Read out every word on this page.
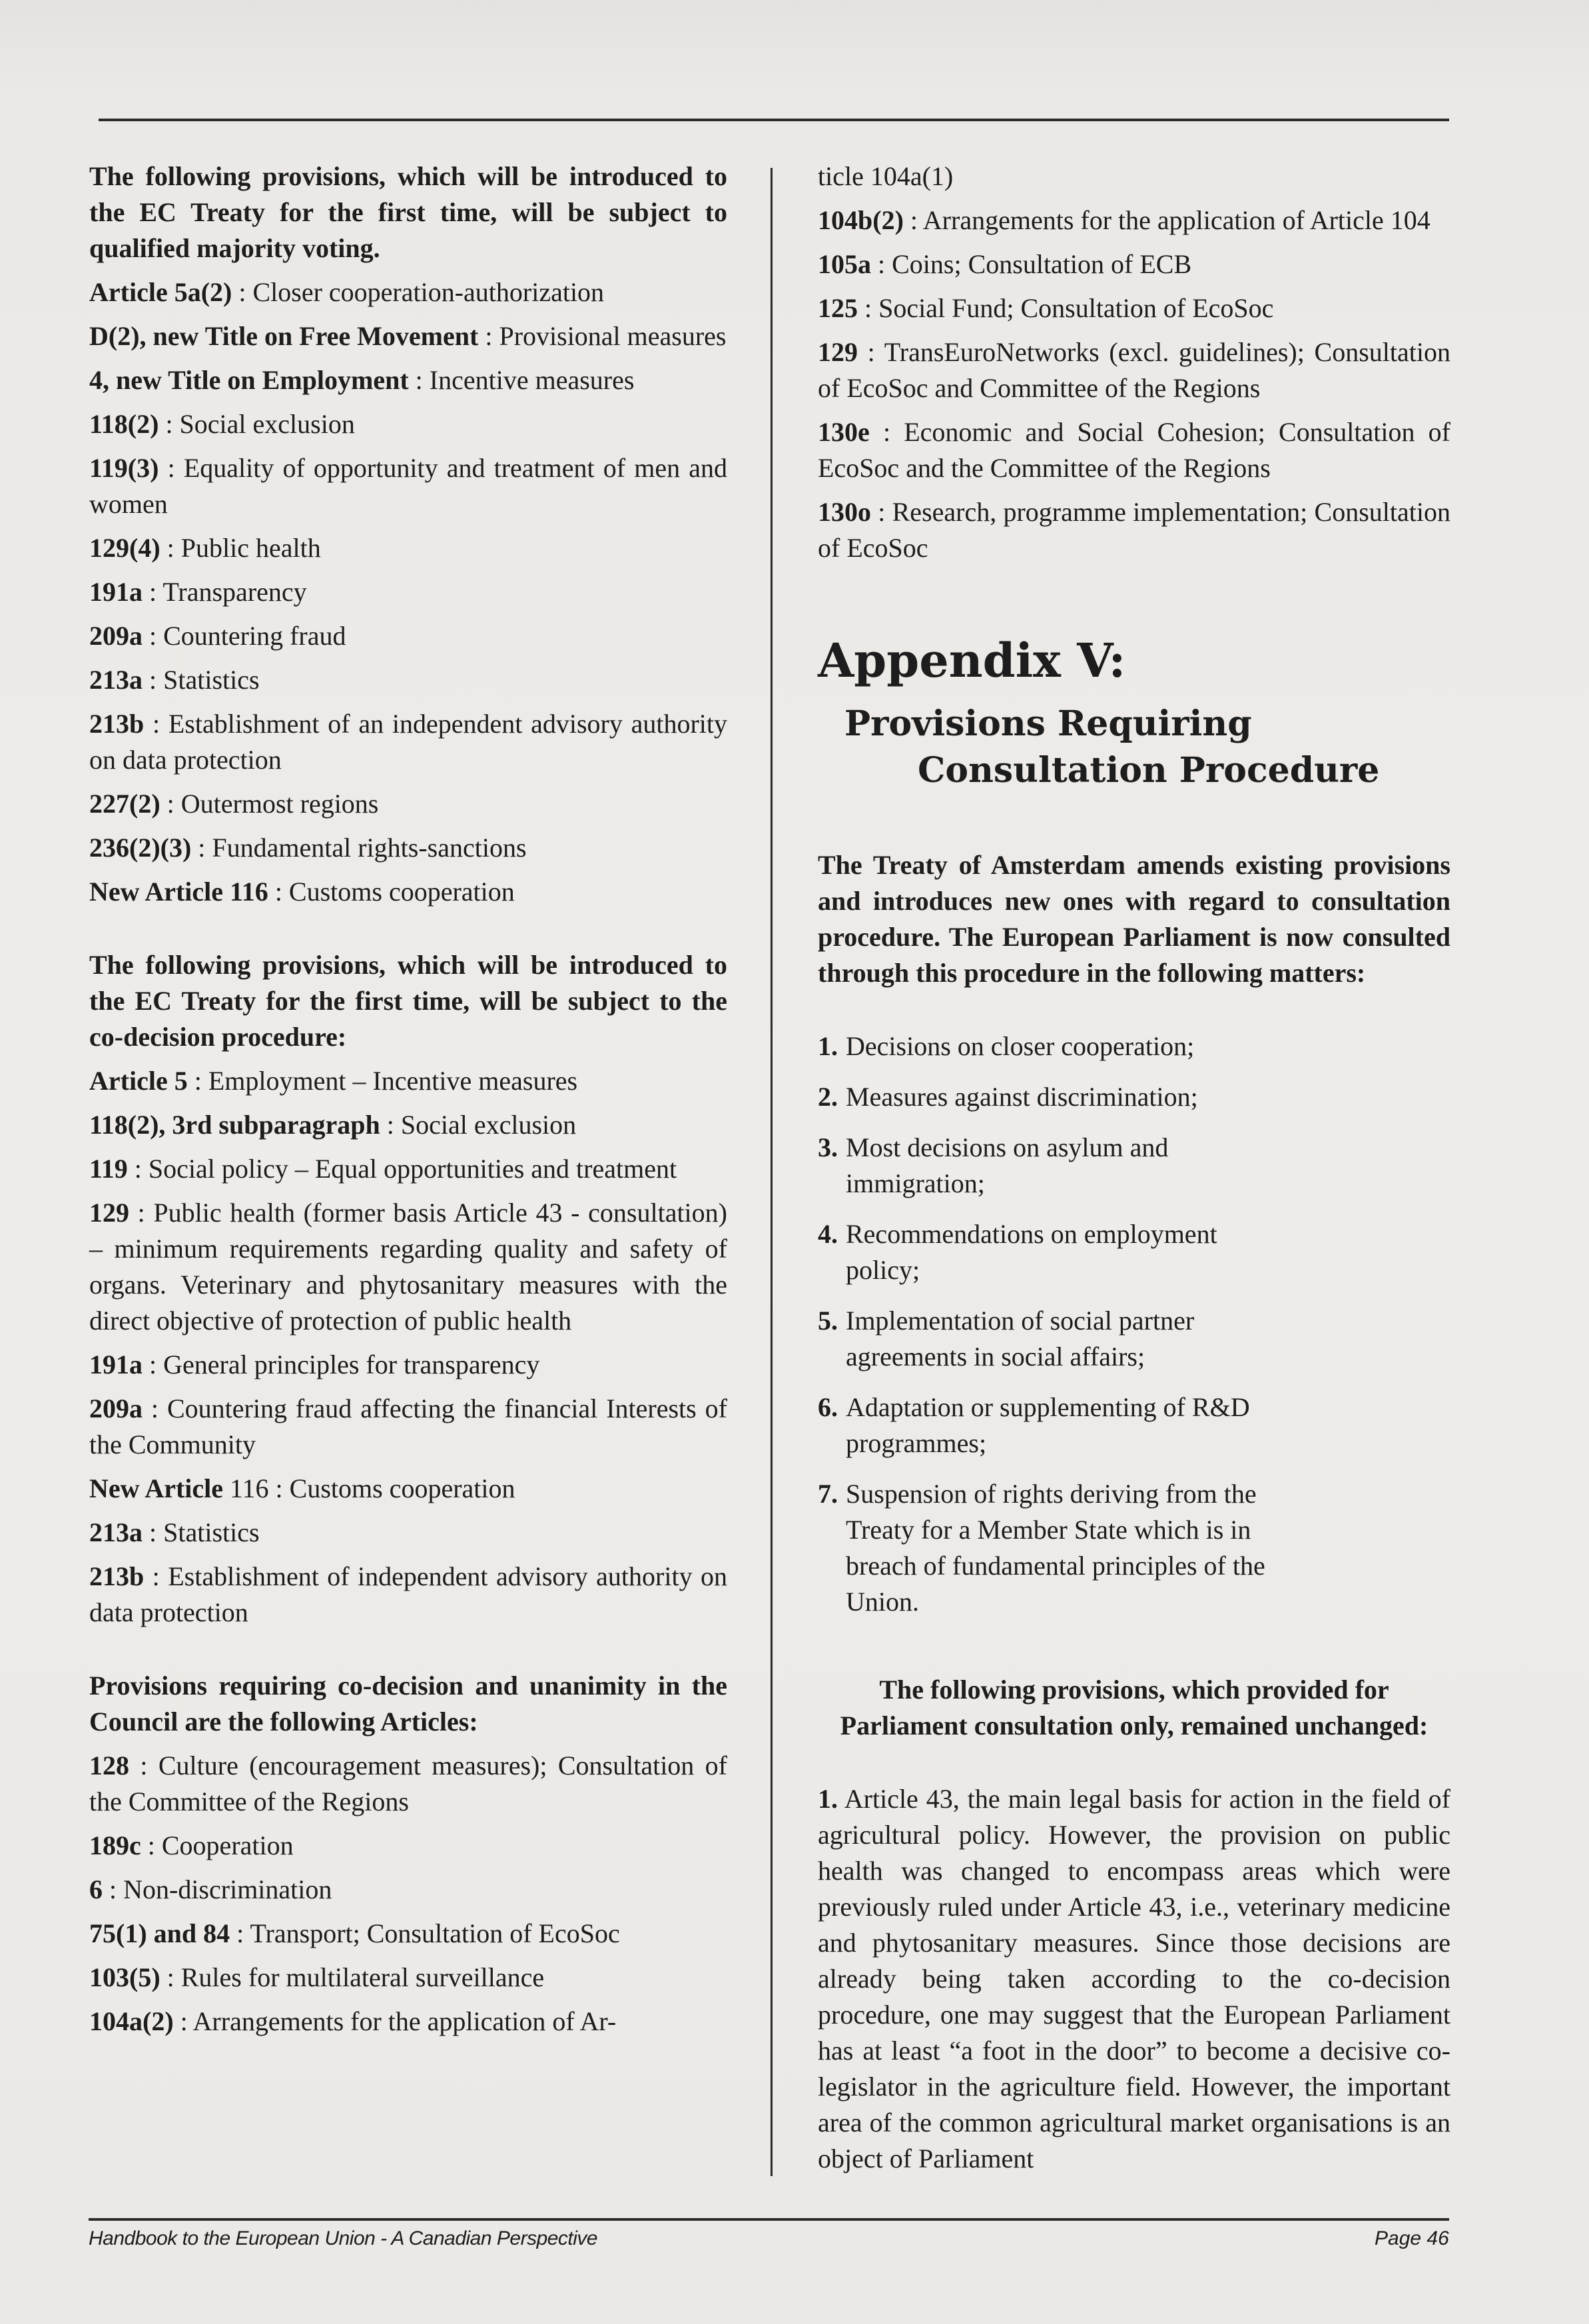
The following provisions, which will be introduced to the EC Treaty for the first time, will be subject to qualified majority voting.

Article 5a(2) : Closer cooperation-authorization

D(2), new Title on Free Movement : Provisional measures

4, new Title on Employment : Incentive measures

118(2) : Social exclusion

119(3) : Equality of opportunity and treatment of men and women

129(4) : Public health

191a : Transparency

209a : Countering fraud

213a : Statistics

213b : Establishment of an independent advisory authority on data protection

227(2) : Outermost regions

236(2)(3) : Fundamental rights-sanctions

New Article 116 : Customs cooperation

The following provisions, which will be introduced to the EC Treaty for the first time, will be subject to the co-decision procedure:

Article 5 : Employment – Incentive measures

118(2), 3rd subparagraph : Social exclusion

119 : Social policy – Equal opportunities and treatment

129 : Public health (former basis Article 43 - consultation) – minimum requirements regarding quality and safety of organs. Veterinary and phytosanitary measures with the direct objective of protection of public health

191a : General principles for transparency

209a : Countering fraud affecting the financial Interests of the Community

New Article 116 : Customs cooperation

213a : Statistics

213b : Establishment of independent advisory authority on data protection

Provisions requiring co-decision and unanimity in the Council are the following Articles:

128 : Culture (encouragement measures); Consultation of the Committee of the Regions

189c : Cooperation

6 : Non-discrimination

75(1) and 84 : Transport; Consultation of EcoSoc

103(5) : Rules for multilateral surveillance

104a(2) : Arrangements for the application of Ar-

ticle 104a(1)

104b(2) : Arrangements for the application of Article 104

105a : Coins; Consultation of ECB

125 : Social Fund; Consultation of EcoSoc

129 : TransEuroNetworks (excl. guidelines); Consultation of EcoSoc and Committee of the Regions

130e : Economic and Social Cohesion; Consultation of EcoSoc and the Committee of the Regions

130o : Research, programme implementation; Consultation of EcoSoc

Appendix V:
Provisions Requiring
Consultation Procedure

The Treaty of Amsterdam amends existing provisions and introduces new ones with regard to consultation procedure. The European Parliament is now consulted through this procedure in the following matters:

1. Decisions on closer cooperation;
2. Measures against discrimination;
3. Most decisions on asylum and immigration;
4. Recommendations on employment policy;
5. Implementation of social partner agreements in social affairs;
6. Adaptation or supplementing of R&D programmes;
7. Suspension of rights deriving from the Treaty for a Member State which is in breach of fundamental principles of the Union.

The following provisions, which provided for Parliament consultation only, remained unchanged:

1. Article 43, the main legal basis for action in the field of agricultural policy. However, the provision on public health was changed to encompass areas which were previously ruled under Article 43, i.e., veterinary medicine and phytosanitary measures. Since those decisions are already being taken according to the co-decision procedure, one may suggest that the European Parliament has at least “a foot in the door” to become a decisive co-legislator in the agriculture field. However, the important area of the common agricultural market organisations is an object of Parliament

Handbook to the European Union - A Canadian Perspective	Page 46
